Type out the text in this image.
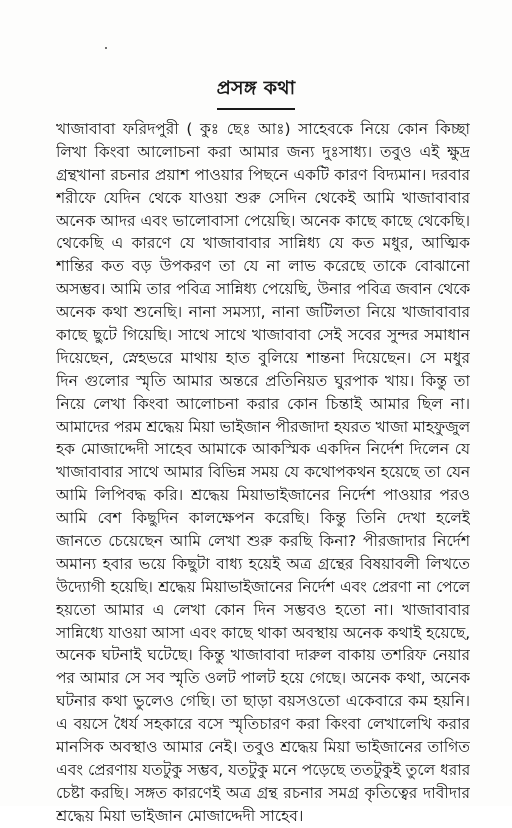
প্রসঙ্গ কথা
খাজাবাবা ফরিদপুরী ( কুঃ ছেঃ আঃ) সাহেবকে নিয়ে কোন কিচ্ছা
লিখা কিংবা আলোচনা করা আমার জন্য দুঃসাধ্য। তবুও এই ক্ষুদ্র
গ্রন্থখানা রচনার প্রয়াশ পাওয়ার পিছনে একটি কারণ বিদ্যমান। দরবার
শরীফে যেদিন থেকে যাওয়া শুরু সেদিন থেকেই আমি খাজাবাবার
অনেক আদর এবং ভালোবাসা পেয়েছি। অনেক কাছে কাছে থেকেছি।
থেকেছি এ কারণে যে খাজাবাবার সান্নিধ্য যে কত মধুর, আত্মিক
শান্তির কত বড় উপকরণ তা যে না লাভ করেছে তাকে বোঝানো
অসম্ভব। আমি তার পবিত্র সান্নিধ্য পেয়েছি, উনার পবিত্র জবান থেকে
অনেক কথা শুনেছি। নানা সমস্যা, নানা জটিলতা নিয়ে খাজাবাবার
কাছে ছুটে গিয়েছি। সাথে সাথে খাজাবাবা সেই সবের সুন্দর সমাধান
দিয়েছেন, স্নেহভরে মাথায় হাত বুলিয়ে শান্তনা দিয়েছেন। সে মধুর
দিন গুলোর স্মৃতি আমার অন্তরে প্রতিনিয়ত ঘুরপাক খায়। কিন্তু তা
নিয়ে লেখা কিংবা আলোচনা করার কোন চিন্তাই আমার ছিল না।
আমাদের পরম শ্রদ্ধেয় মিয়া ভাইজান পীরজাদা হযরত খাজা মাহফুজুল
হক মোজাদ্দেদী সাহেব আমাকে আকস্মিক একদিন নির্দেশ দিলেন যে
খাজাবাবার সাথে আমার বিভিন্ন সময় যে কথোপকথন হয়েছে তা যেন
আমি লিপিবদ্ধ করি। শ্রদ্ধেয় মিয়াভাইজানের নির্দেশ পাওয়ার পরও
আমি বেশ কিছুদিন কালক্ষেপন করেছি। কিন্তু তিনি দেখা হলেই
জানতে চেয়েছেন আমি লেখা শুরু করছি কিনা? পীরজাদার নির্দেশ
অমান্য হবার ভয়ে কিছুটা বাধ্য হয়েই অত্র গ্রন্থের বিষয়াবলী লিখতে
উদ্যোগী হয়েছি। শ্রদ্ধেয় মিয়াভাইজানের নির্দেশ এবং প্রেরণা না পেলে
হয়তো আমার এ লেখা কোন দিন সম্ভবও হতো না। খাজাবাবার
সান্নিধ্যে যাওয়া আসা এবং কাছে থাকা অবস্থায় অনেক কথাই হয়েছে,
অনেক ঘটনাই ঘটেছে। কিন্তু খাজাবাবা দারুল বাকায় তশরিফ নেয়ার
পর আমার সে সব স্মৃতি ওলট পালট হয়ে গেছে। অনেক কথা, অনেক
ঘটনার কথা ভুলেও গেছি। তা ছাড়া বয়সওতো একেবারে কম হয়নি।
এ বয়সে ধৈর্য সহকারে বসে স্মৃতিচারণ করা কিংবা লেখালেখি করার
মানসিক অবস্থাও আমার নেই। তবুও শ্রদ্ধেয় মিয়া ভাইজানের তাগিত
এবং প্রেরণায় যতটুকু সম্ভব, যতটুকু মনে পড়েছে ততটুকুই তুলে ধরার
চেষ্টা করছি। সঙ্গত কারণেই অত্র গ্রন্থ রচনার সমগ্র কৃতিত্বের দাবীদার
শ্রদ্ধেয় মিয়া ভাইজান মোজাদ্দেদী সাহেব।
